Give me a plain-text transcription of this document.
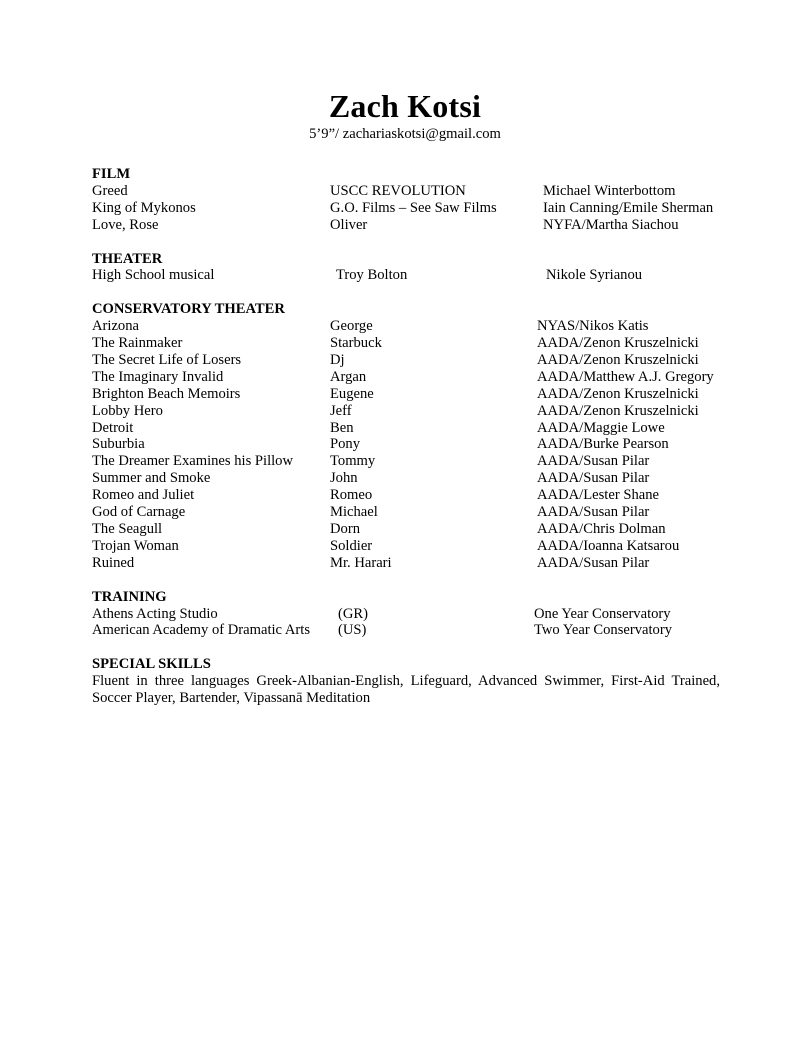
Zach Kotsi
5’9”/ zachariaskotsi@gmail.com
FILM
Greed	USCC REVOLUTION	Michael Winterbottom
King of Mykonos	G.O. Films – See Saw Films	Iain Canning/Emile Sherman
Love, Rose	Oliver	NYFA/Martha Siachou
THEATER
High School musical	Troy Bolton	Nikole Syrianou
CONSERVATORY THEATER
Arizona	George	NYAS/Nikos Katis
The Rainmaker	Starbuck	AADA/Zenon Kruszelnicki
The Secret Life of Losers	Dj	AADA/Zenon Kruszelnicki
The Imaginary Invalid	Argan	AADA/Matthew A.J. Gregory
Brighton Beach Memoirs	Eugene	AADA/Zenon Kruszelnicki
Lobby Hero	Jeff	AADA/Zenon Kruszelnicki
Detroit	Ben	AADA/Maggie Lowe
Suburbia	Pony	AADA/Burke Pearson
The Dreamer Examines his Pillow	Tommy	AADA/Susan Pilar
Summer and Smoke	John	AADA/Susan Pilar
Romeo and Juliet	Romeo	AADA/Lester Shane
God of Carnage	Michael	AADA/Susan Pilar
The Seagull	Dorn	AADA/Chris Dolman
Trojan Woman	Soldier	AADA/Ioanna Katsarou
Ruined	Mr. Harari	AADA/Susan Pilar
TRAINING
Athens Acting Studio	(GR)	One Year Conservatory
American Academy of Dramatic Arts	(US)	Two Year Conservatory
SPECIAL SKILLS
Fluent in three languages Greek-Albanian-English, Lifeguard, Advanced Swimmer, First-Aid Trained,
Soccer Player, Bartender, Vipassanā Meditation
